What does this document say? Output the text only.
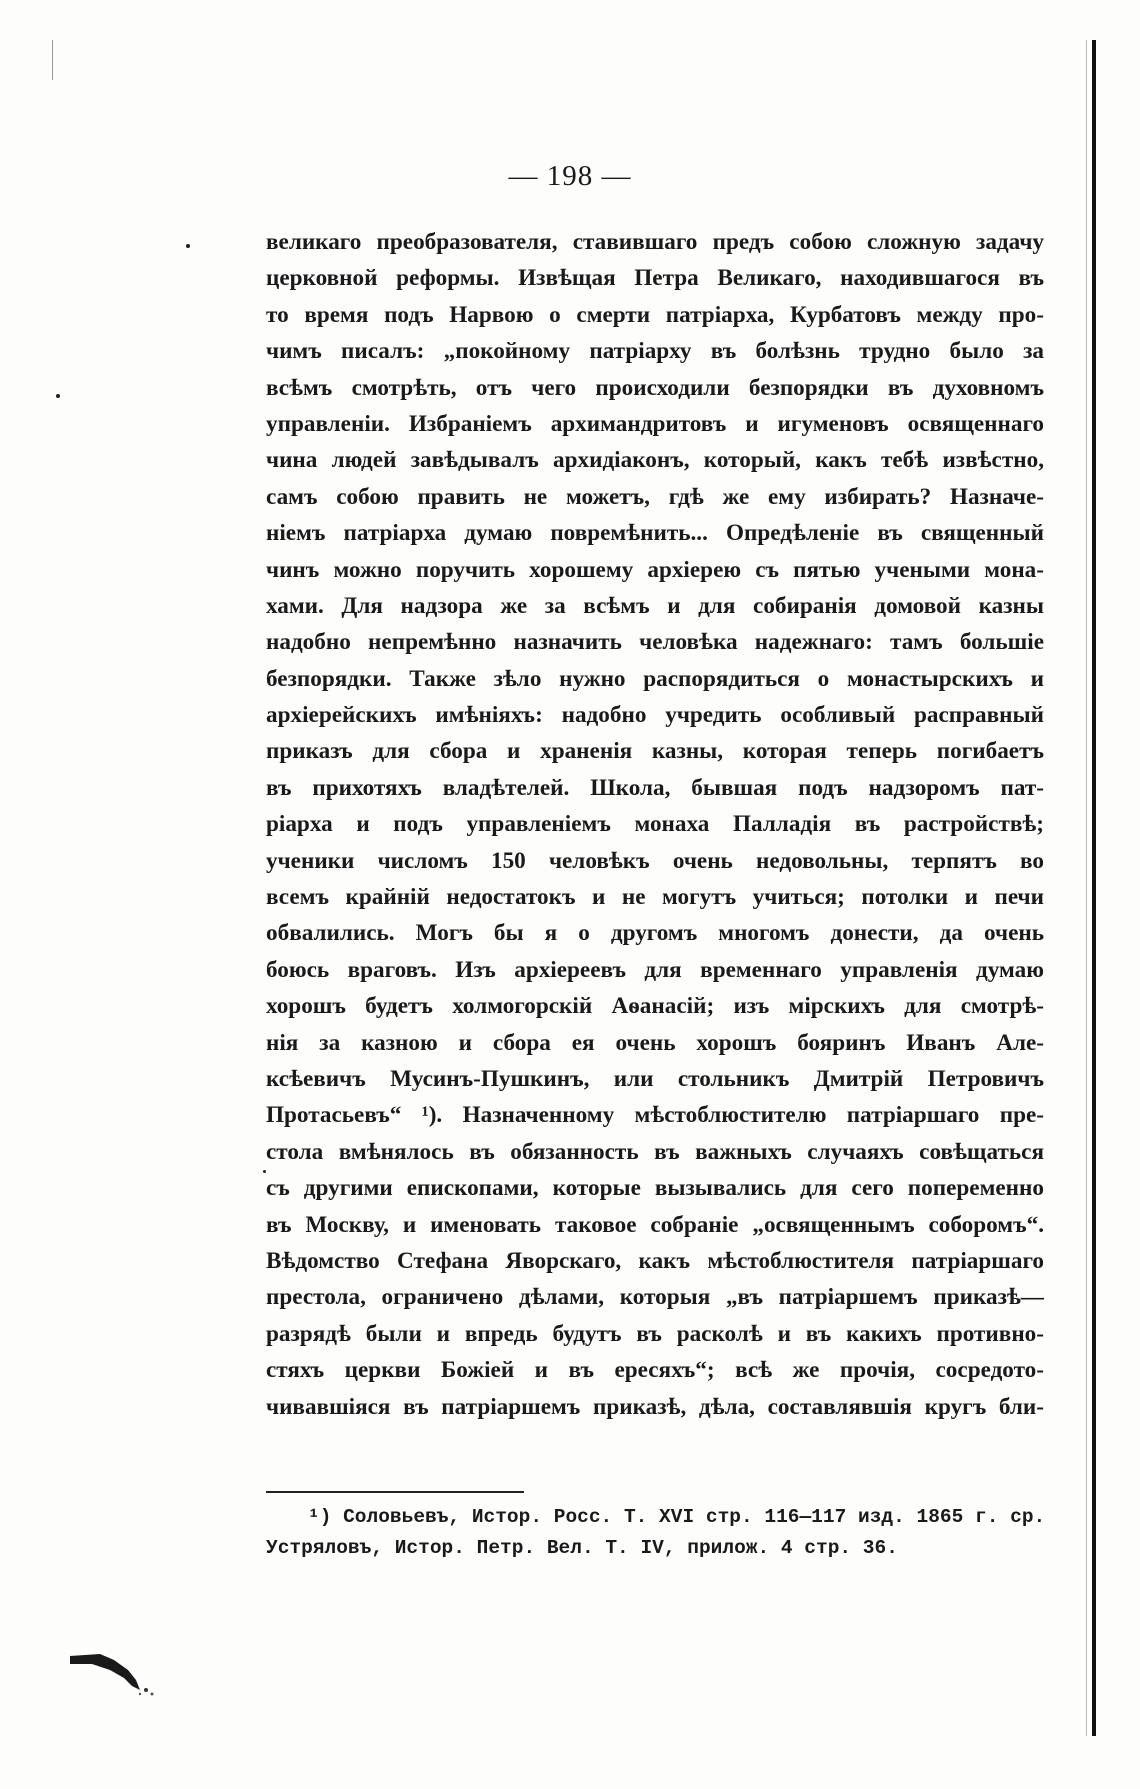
— 198 —
великаго преобразователя, ставившаго предъ собою сложную задачу
церковной реформы. Извѣщая Петра Великаго, находившагося въ
то время подъ Нарвою о смерти патріарха, Курбатовъ между про-
чимъ писалъ: „покойному патріарху въ болѣзнь трудно было за
всѣмъ смотрѣть, отъ чего происходили безпорядки въ духовномъ
управленіи. Избраніемъ архимандритовъ и игуменовъ освященнаго
чина людей завѣдывалъ архидіаконъ, который, какъ тебѣ извѣстно,
самъ собою править не можетъ, гдѣ же ему избирать? Назначе-
ніемъ патріарха думаю повремѣнить... Опредѣленіе въ священный
чинъ можно поручить хорошему архіерею съ пятью учеными мона-
хами. Для надзора же за всѣмъ и для собиранія домовой казны
надобно непремѣнно назначить человѣка надежнаго: тамъ большіе
безпорядки. Также зѣло нужно распорядиться о монастырскихъ и
архіерейскихъ имѣніяхъ: надобно учредить особливый расправный
приказъ для сбора и храненія казны, которая теперь погибаетъ
въ прихотяхъ владѣтелей. Школа, бывшая подъ надзоромъ пат-
ріарха и подъ управленіемъ монаха Палладія въ растройствѣ;
ученики числомъ 150 человѣкъ очень недовольны, терпятъ во
всемъ крайній недостатокъ и не могутъ учиться; потолки и печи
обвалились. Могъ бы я о другомъ многомъ донести, да очень
боюсь враговъ. Изъ архіереевъ для временнаго управленія думаю
хорошъ будетъ холмогорскій Аѳанасій; изъ мірскихъ для смотрѣ-
нія за казною и сбора ея очень хорошъ бояринъ Иванъ Але-
ксѣевичъ Мусинъ-Пушкинъ, или стольникъ Дмитрій Петровичъ
Протасьевъ“ ¹). Назначенному мѣстоблюстителю патріаршаго пре-
стола вмѣнялось въ обязанность въ важныхъ случаяхъ совѣщаться
съ другими епископами, которые вызывались для сего попеременно
въ Москву, и именовать таковое собраніе „освященнымъ соборомъ“.
Вѣдомство Стефана Яворскаго, какъ мѣстоблюстителя патріаршаго
престола, ограничено дѣлами, которыя „въ патріаршемъ приказѣ—
разрядѣ были и впредь будутъ въ расколѣ и въ какихъ противно-
стяхъ церкви Божіей и въ ересяхъ“; всѣ же прочія, сосредото-
чивавшіяся въ патріаршемъ приказѣ, дѣла, составлявшія кругъ бли-
¹) Соловьевъ, Истор. Росс. Т. XVI стр. 116—117 изд. 1865 г. ср.
Устряловъ, Истор. Петр. Вел. Т. IV, прилож. 4 стр. 36.
